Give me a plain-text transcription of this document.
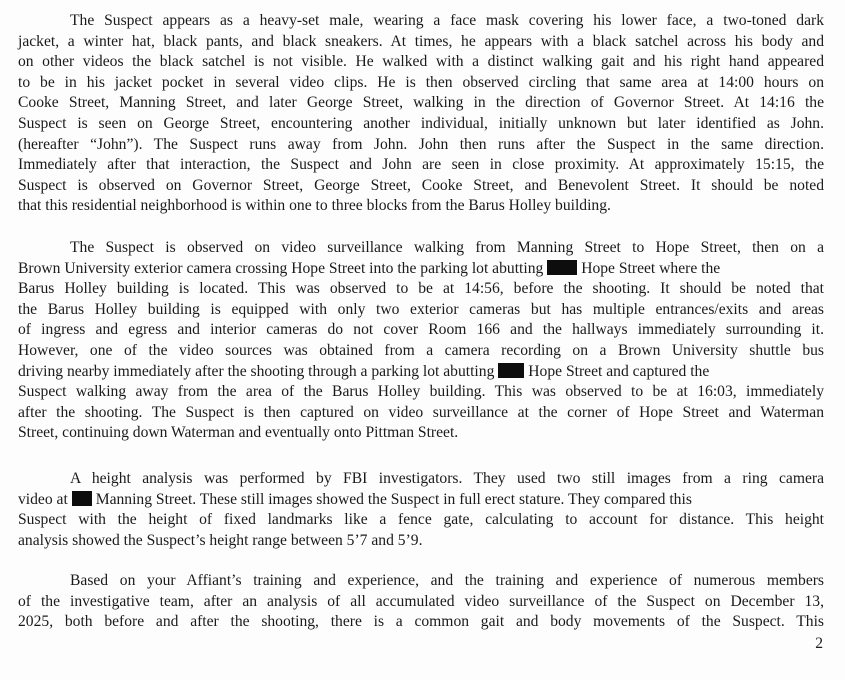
The Suspect appears as a heavy-set male, wearing a face mask covering his lower face, a two-toned dark
jacket, a winter hat, black pants, and black sneakers. At times, he appears with a black satchel across his body and
on other videos the black satchel is not visible. He walked with a distinct walking gait and his right hand appeared
to be in his jacket pocket in several video clips. He is then observed circling that same area at 14:00 hours on
Cooke Street, Manning Street, and later George Street, walking in the direction of Governor Street. At 14:16 the
Suspect is seen on George Street, encountering another individual, initially unknown but later identified as John.
(hereafter “John”). The Suspect runs away from John. John then runs after the Suspect in the same direction.
Immediately after that interaction, the Suspect and John are seen in close proximity. At approximately 15:15, the
Suspect is observed on Governor Street, George Street, Cooke Street, and Benevolent Street. It should be noted
that this residential neighborhood is within one to three blocks from the Barus Holley building.
The Suspect is observed on video surveillance walking from Manning Street to Hope Street, then on a
Brown University exterior camera crossing Hope Street into the parking lot abutting Hope Street where the
Barus Holley building is located. This was observed to be at 14:56, before the shooting. It should be noted that
the Barus Holley building is equipped with only two exterior cameras but has multiple entrances/exits and areas
of ingress and egress and interior cameras do not cover Room 166 and the hallways immediately surrounding it.
However, one of the video sources was obtained from a camera recording on a Brown University shuttle bus
driving nearby immediately after the shooting through a parking lot abutting Hope Street and captured the
Suspect walking away from the area of the Barus Holley building. This was observed to be at 16:03, immediately
after the shooting. The Suspect is then captured on video surveillance at the corner of Hope Street and Waterman
Street, continuing down Waterman and eventually onto Pittman Street.
A height analysis was performed by FBI investigators. They used two still images from a ring camera
video at Manning Street. These still images showed the Suspect in full erect stature. They compared this
Suspect with the height of fixed landmarks like a fence gate, calculating to account for distance. This height
analysis showed the Suspect’s height range between 5’7 and 5’9.
Based on your Affiant’s training and experience, and the training and experience of numerous members
of the investigative team, after an analysis of all accumulated video surveillance of the Suspect on December 13,
2025, both before and after the shooting, there is a common gait and body movements of the Suspect. This
2
